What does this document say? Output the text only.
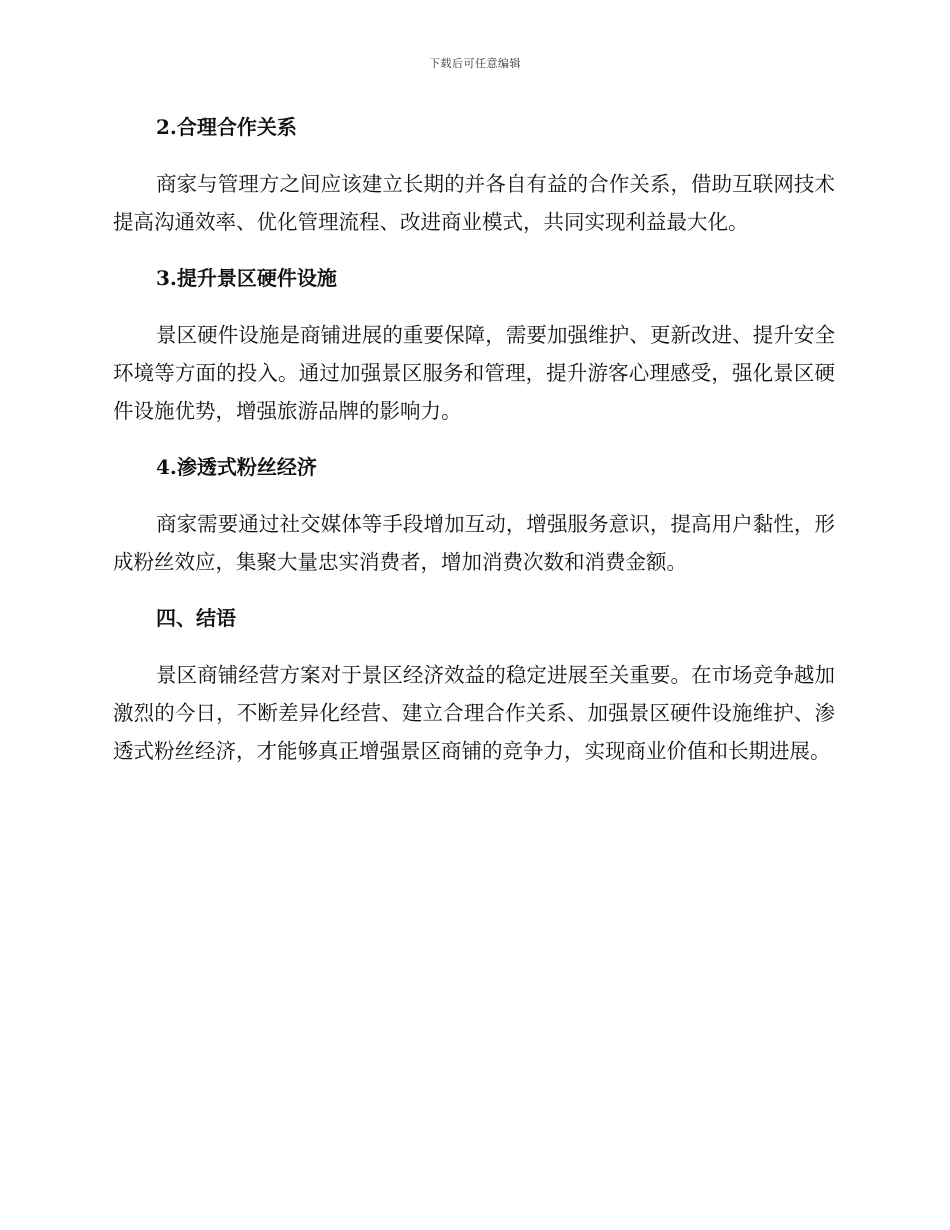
下载后可任意编辑
2.合理合作关系

商家与管理方之间应该建立长期的并各自有益的合作关系，借助互联网技术提高沟通效率、优化管理流程、改进商业模式，共同实现利益最大化。

3.提升景区硬件设施

景区硬件设施是商铺进展的重要保障，需要加强维护、更新改进、提升安全环境等方面的投入。通过加强景区服务和管理，提升游客心理感受，强化景区硬件设施优势，增强旅游品牌的影响力。

4.渗透式粉丝经济

商家需要通过社交媒体等手段增加互动，增强服务意识，提高用户黏性，形成粉丝效应，集聚大量忠实消费者，增加消费次数和消费金额。

四、结语

景区商铺经营方案对于景区经济效益的稳定进展至关重要。在市场竞争越加激烈的今日，不断差异化经营、建立合理合作关系、加强景区硬件设施维护、渗透式粉丝经济，才能够真正增强景区商铺的竞争力，实现商业价值和长期进展。
